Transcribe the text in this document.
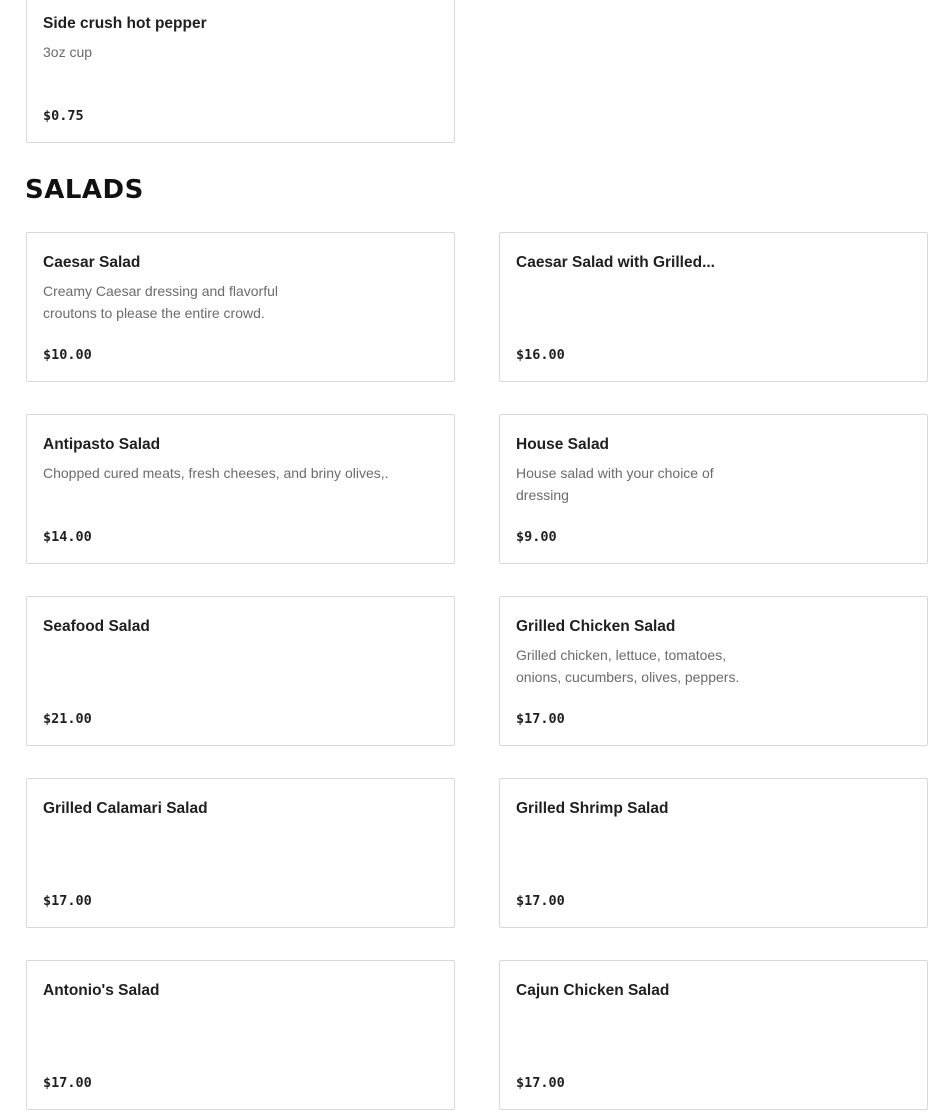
Side crush hot pepper
3oz cup
$0.75
SALADS
Caesar Salad
Creamy Caesar dressing and flavorful croutons to please the entire crowd.
$10.00
Caesar Salad with Grilled...
$16.00
Antipasto Salad
Chopped cured meats, fresh cheeses, and briny olives,.
$14.00
House Salad
House salad with your choice of dressing
$9.00
Seafood Salad
$21.00
Grilled Chicken Salad
Grilled chicken, lettuce, tomatoes, onions, cucumbers, olives, peppers.
$17.00
Grilled Calamari Salad
$17.00
Grilled Shrimp Salad
$17.00
Antonio's Salad
$17.00
Cajun Chicken Salad
$17.00
